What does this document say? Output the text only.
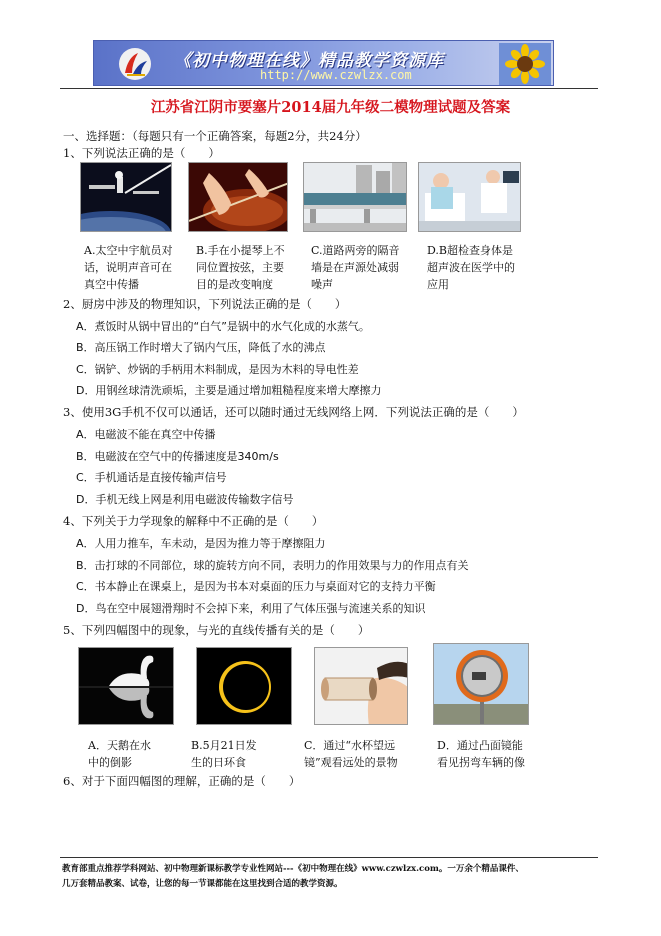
《初中物理在线》精品教学资源库
http://www.czwlzx.com
江苏省江阴市要塞片2014届九年级二模物理试题及答案
一、选择题：（每题只有一个正确答案，每题2分，共24分）
1、下列说法正确的是（　　）
A.太空中宇航员对
话，说明声音可在
真空中传播
B.手在小提琴上不
同位置按弦，主要
目的是改变响度
C.道路两旁的隔音
墙是在声源处减弱
噪声
D.B超检查身体是
超声波在医学中的
应用
2、厨房中涉及的物理知识，下列说法正确的是（　　）
A．煮饭时从锅中冒出的“白气”是锅中的水气化成的水蒸气。
B．高压锅工作时增大了锅内气压，降低了水的沸点
C．锅铲、炒锅的手柄用木料制成，是因为木料的导电性差
D．用钢丝球清洗顽垢，主要是通过增加粗糙程度来增大摩擦力
3、使用3G手机不仅可以通话，还可以随时通过无线网络上网．下列说法正确的是（　　）
A．电磁波不能在真空中传播
B．电磁波在空气中的传播速度是340m/s
C．手机通话是直接传输声信号
D．手机无线上网是利用电磁波传输数字信号
4、下列关于力学现象的解释中不正确的是（　　）
A．人用力推车，车未动，是因为推力等于摩擦阻力
B．击打球的不同部位，球的旋转方向不同，表明力的作用效果与力的作用点有关
C．书本静止在课桌上，是因为书本对桌面的压力与桌面对它的支持力平衡
D．鸟在空中展翅滑翔时不会掉下来，利用了气体压强与流速关系的知识
5、下列四幅图中的现象，与光的直线传播有关的是（　　）
A．天鹅在水
中的倒影
B.5月21日发
生的日环食
C．通过“水杯望远
镜”观看远处的景物
D．通过凸面镜能
看见拐弯车辆的像
6、对于下面四幅图的理解，正确的是（　　）
教育部重点推荐学科网站、初中物理新课标教学专业性网站---《初中物理在线》www.czwlzx.com。一万余个精品课件、
几万套精品教案、试卷，让您的每一节课都能在这里找到合适的教学资源。
